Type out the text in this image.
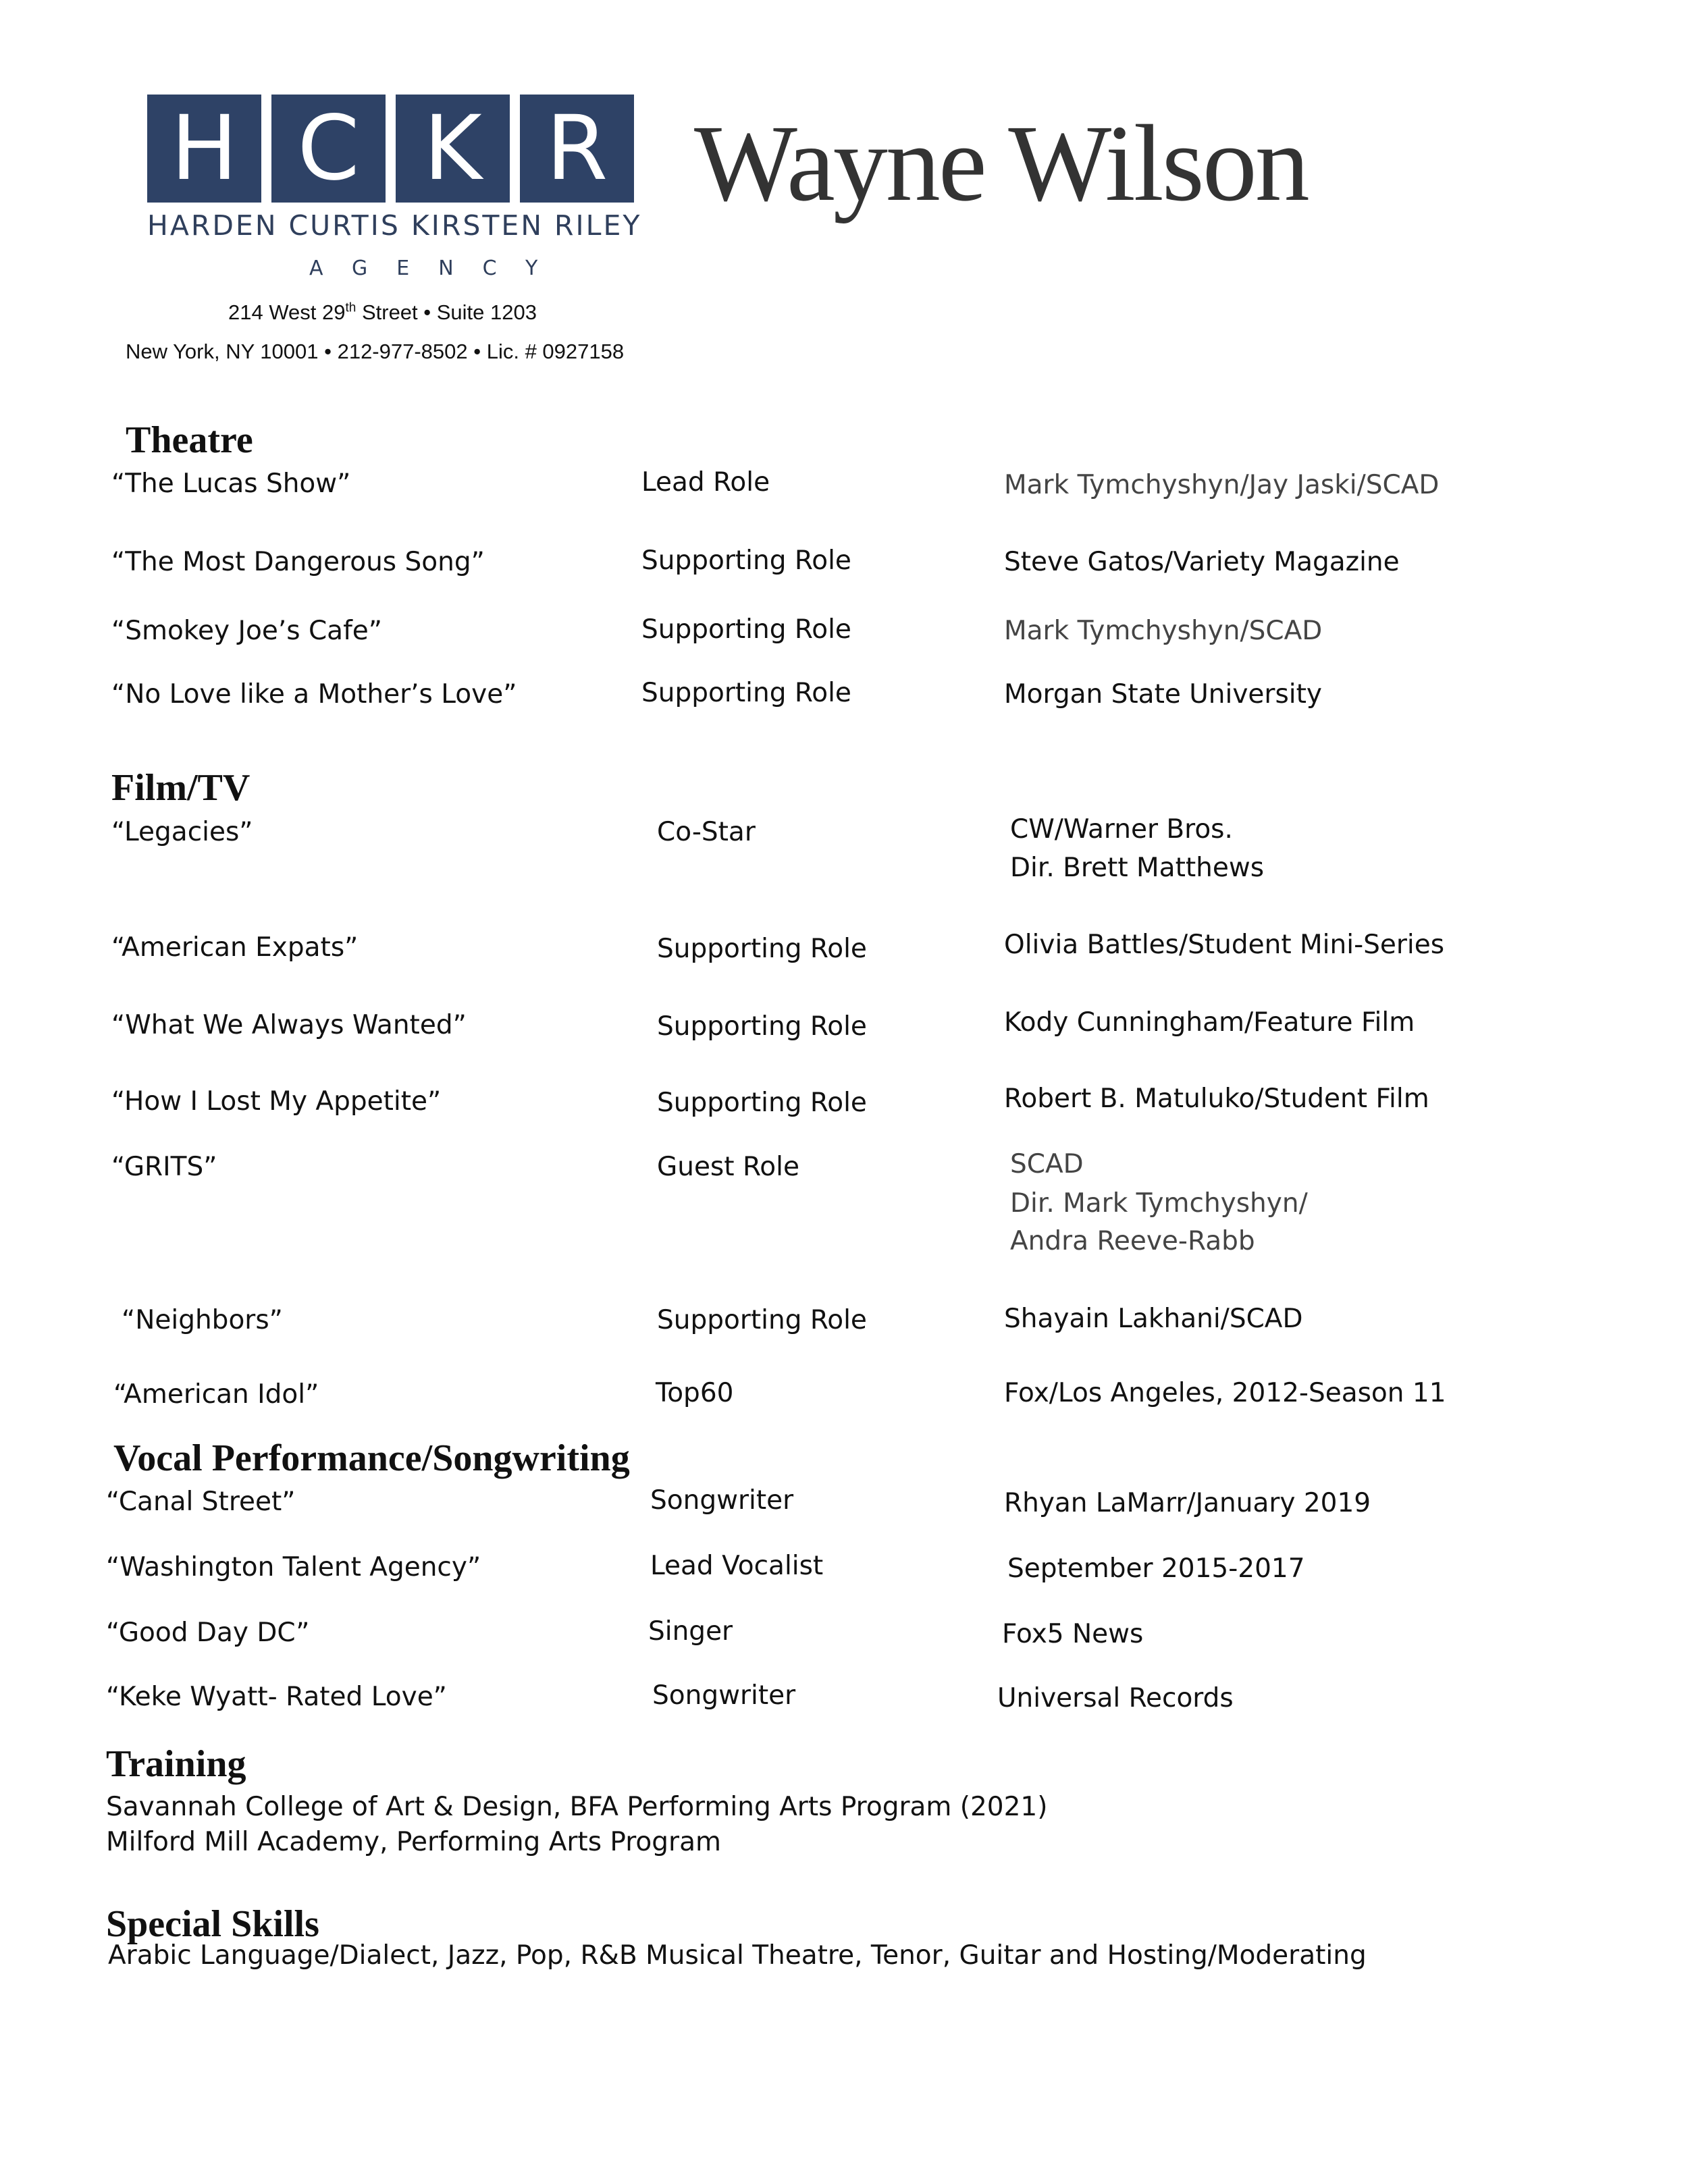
H C K R
HARDEN CURTIS KIRSTEN RILEY
AGENCY
214 West 29th Street • Suite 1203
New York, NY 10001 • 212-977-8502 • Lic. # 0927158
Wayne Wilson
Theatre
“The Lucas Show”	Lead Role	Mark Tymchyshyn/Jay Jaski/SCAD
“The Most Dangerous Song”	Supporting Role	Steve Gatos/Variety Magazine
“Smokey Joe’s Cafe”	Supporting Role	Mark Tymchyshyn/SCAD
“No Love like a Mother’s Love”	Supporting Role	Morgan State University
Film/TV
“Legacies”	Co-Star	CW/Warner Bros.
Dir. Brett Matthews
“American Expats”	Supporting Role	Olivia Battles/Student Mini-Series
“What We Always Wanted”	Supporting Role	Kody Cunningham/Feature Film
“How I Lost My Appetite”	Supporting Role	Robert B. Matuluko/Student Film
“GRITS”	Guest Role	SCAD
Dir. Mark Tymchyshyn/
Andra Reeve-Rabb
“Neighbors”	Supporting Role	Shayain Lakhani/SCAD
“American Idol”	Top60	Fox/Los Angeles, 2012-Season 11
Vocal Performance/Songwriting
“Canal Street”	Songwriter	Rhyan LaMarr/January 2019
“Washington Talent Agency”	Lead Vocalist	September 2015-2017
“Good Day DC”	Singer	Fox5 News
“Keke Wyatt- Rated Love”	Songwriter	Universal Records
Training
Savannah College of Art & Design, BFA Performing Arts Program (2021)
Milford Mill Academy, Performing Arts Program
Special Skills
Arabic Language/Dialect, Jazz, Pop, R&B Musical Theatre, Tenor, Guitar and Hosting/Moderating
